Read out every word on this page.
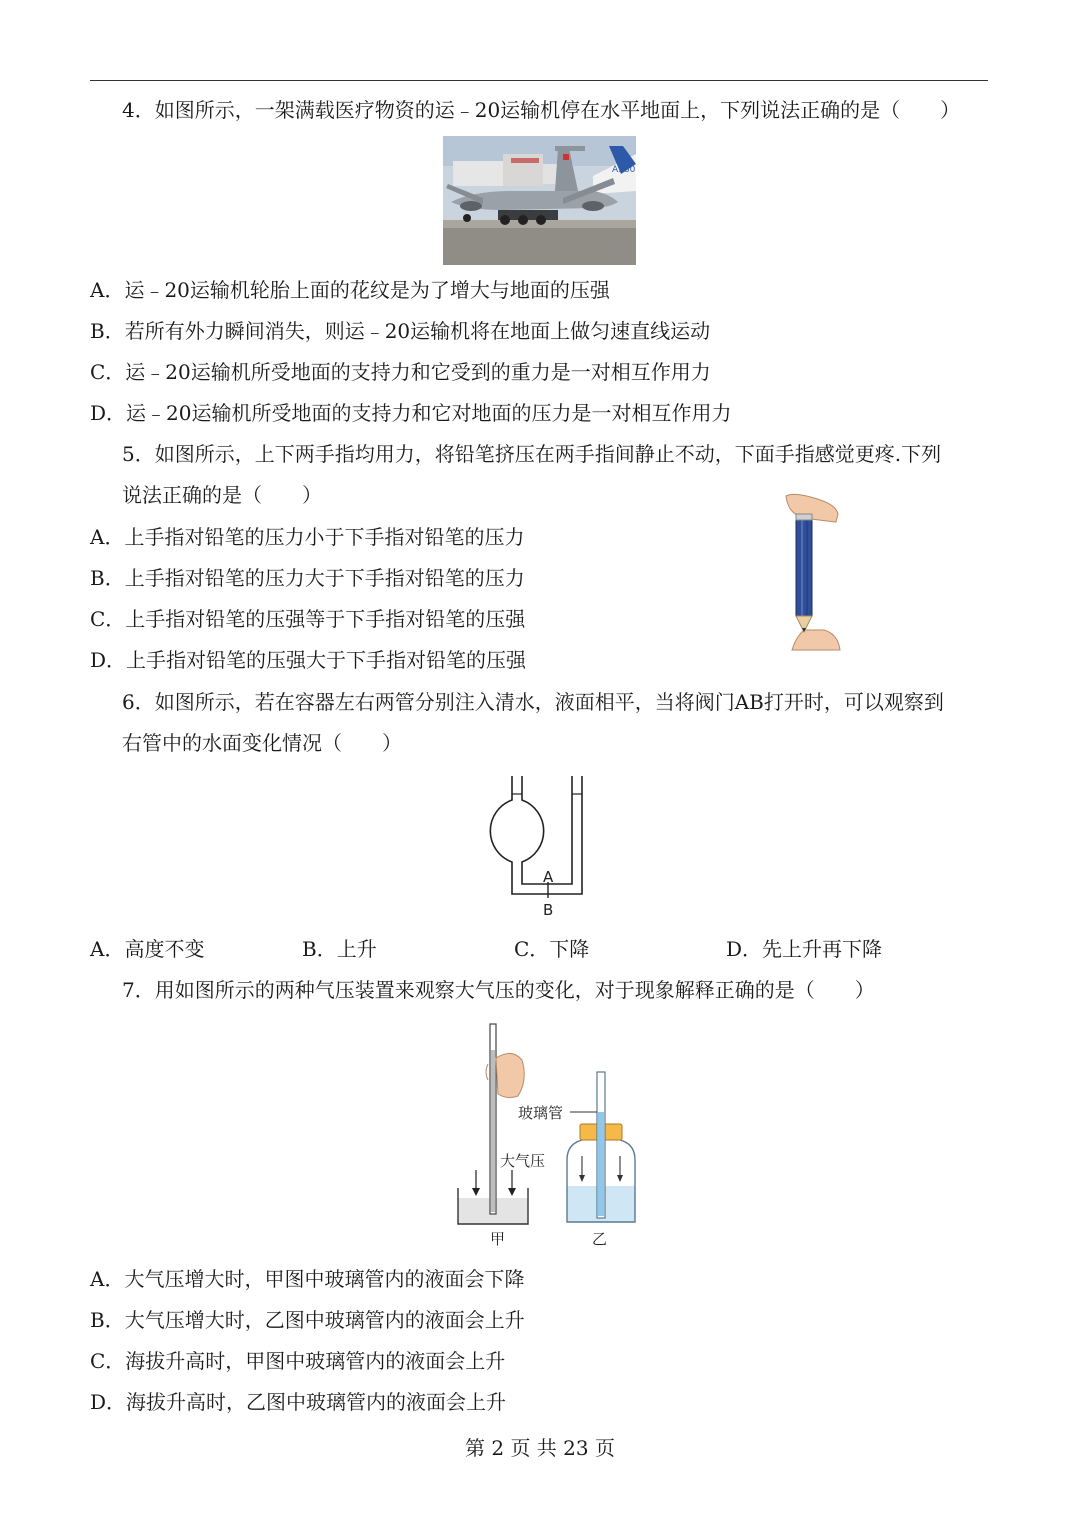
4．如图所示，一架满载医疗物资的运﹣20运输机停在水平地面上，下列说法正确的是（　　）
A380
A．运﹣20运输机轮胎上面的花纹是为了增大与地面的压强
B．若所有外力瞬间消失，则运﹣20运输机将在地面上做匀速直线运动
C．运﹣20运输机所受地面的支持力和它受到的重力是一对相互作用力
D．运﹣20运输机所受地面的支持力和它对地面的压力是一对相互作用力
5．如图所示，上下两手指均用力，将铅笔挤压在两手指间静止不动，下面手指感觉更疼.下列
说法正确的是（　　）
A．上手指对铅笔的压力小于下手指对铅笔的压力
B．上手指对铅笔的压力大于下手指对铅笔的压力
C．上手指对铅笔的压强等于下手指对铅笔的压强
D．上手指对铅笔的压强大于下手指对铅笔的压强
6．如图所示，若在容器左右两管分别注入清水，液面相平，当将阀门AB打开时，可以观察到
右管中的水面变化情况（　　）
A
B
A．高度不变	B．上升	C．下降	D．先上升再下降
7．用如图所示的两种气压装置来观察大气压的变化，对于现象解释正确的是（　　）
大气压
甲
玻璃管
乙
A．大气压增大时，甲图中玻璃管内的液面会下降
B．大气压增大时，乙图中玻璃管内的液面会上升
C．海拔升高时，甲图中玻璃管内的液面会上升
D．海拔升高时，乙图中玻璃管内的液面会上升
第 2 页 共 23 页
